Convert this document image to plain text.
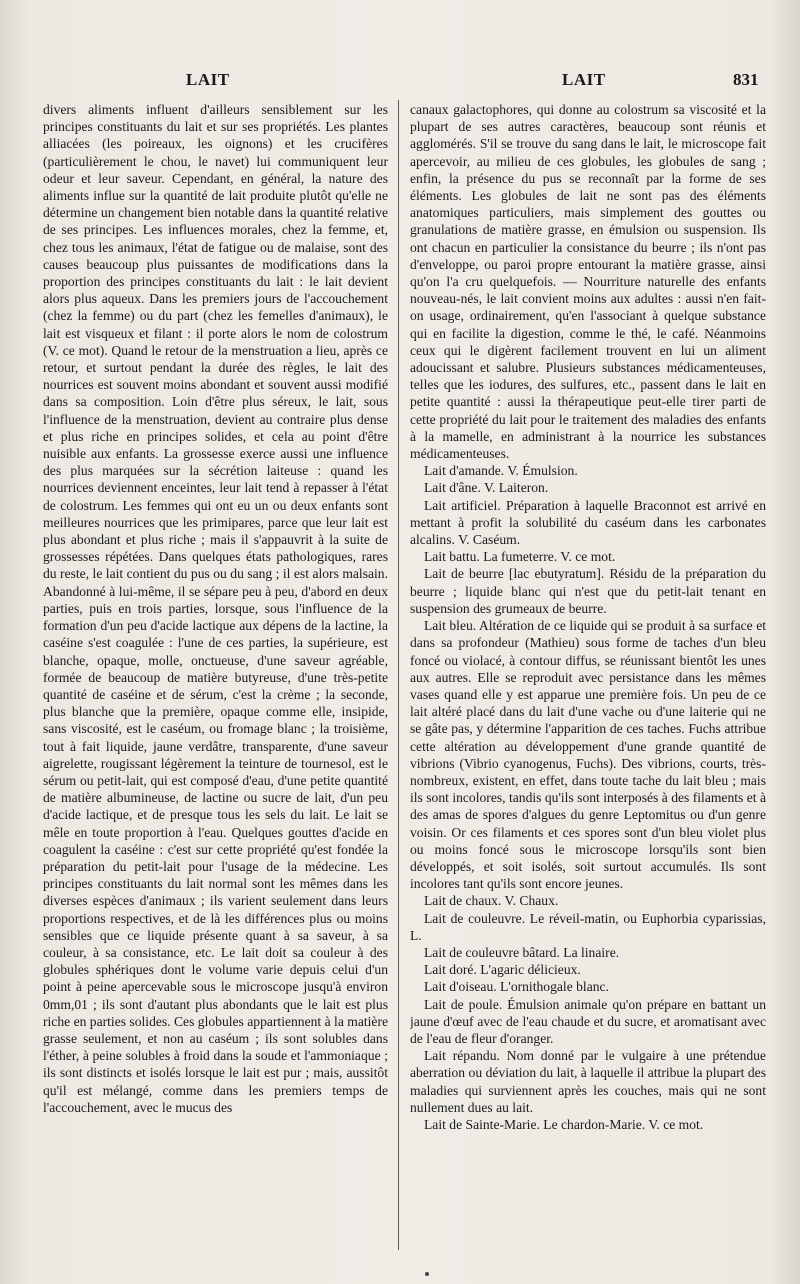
LAIT	LAIT	831

divers aliments influent d'ailleurs sensiblement sur les principes constituants du lait et sur ses propriétés. Les plantes alliacées (les poireaux, les oignons) et les crucifères (particulièrement le chou, le navet) lui communiquent leur odeur et leur saveur. Cependant, en général, la nature des aliments influe sur la quantité de lait produite plutôt qu'elle ne détermine un changement bien notable dans la quantité relative de ses principes. Les influences morales, chez la femme, et, chez tous les animaux, l'état de fatigue ou de malaise, sont des causes beaucoup plus puissantes de modifications dans la proportion des principes constituants du lait : le lait devient alors plus aqueux. Dans les premiers jours de l'accouchement (chez la femme) ou du part (chez les femelles d'animaux), le lait est visqueux et filant : il porte alors le nom de colostrum (V. ce mot). Quand le retour de la menstruation a lieu, après ce retour, et surtout pendant la durée des règles, le lait des nourrices est souvent moins abondant et souvent aussi modifié dans sa composition. Loin d'être plus séreux, le lait, sous l'influence de la menstruation, devient au contraire plus dense et plus riche en principes solides, et cela au point d'être nuisible aux enfants. La grossesse exerce aussi une influence des plus marquées sur la sécrétion laiteuse : quand les nourrices deviennent enceintes, leur lait tend à repasser à l'état de colostrum. Les femmes qui ont eu un ou deux enfants sont meilleures nourrices que les primipares, parce que leur lait est plus abondant et plus riche ; mais il s'appauvrit à la suite de grossesses répétées. Dans quelques états pathologiques, rares du reste, le lait contient du pus ou du sang ; il est alors malsain. Abandonné à lui-même, il se sépare peu à peu, d'abord en deux parties, puis en trois parties, lorsque, sous l'influence de la formation d'un peu d'acide lactique aux dépens de la lactine, la caséine s'est coagulée : l'une de ces parties, la supérieure, est blanche, opaque, molle, onctueuse, d'une saveur agréable, formée de beaucoup de matière butyreuse, d'une très-petite quantité de caséine et de sérum, c'est la crème ; la seconde, plus blanche que la première, opaque comme elle, insipide, sans viscosité, est le caséum, ou fromage blanc ; la troisième, tout à fait liquide, jaune verdâtre, transparente, d'une saveur aigrelette, rougissant légèrement la teinture de tournesol, est le sérum ou petit-lait, qui est composé d'eau, d'une petite quantité de matière albumineuse, de lactine ou sucre de lait, d'un peu d'acide lactique, et de presque tous les sels du lait. Le lait se mêle en toute proportion à l'eau. Quelques gouttes d'acide en coagulent la caséine : c'est sur cette propriété qu'est fondée la préparation du petit-lait pour l'usage de la médecine. Les principes constituants du lait normal sont les mêmes dans les diverses espèces d'animaux ; ils varient seulement dans leurs proportions respectives, et de là les différences plus ou moins sensibles que ce liquide présente quant à sa saveur, à sa couleur, à sa consistance, etc. Le lait doit sa couleur à des globules sphériques dont le volume varie depuis celui d'un point à peine apercevable sous le microscope jusqu'à environ 0mm,01 ; ils sont d'autant plus abondants que le lait est plus riche en parties solides. Ces globules appartiennent à la matière grasse seulement, et non au caséum ; ils sont solubles dans l'éther, à peine solubles à froid dans la soude et l'ammoniaque ; ils sont distincts et isolés lorsque le lait est pur ; mais, aussitôt qu'il est mélangé, comme dans les premiers temps de l'accouchement, avec le mucus des

canaux galactophores, qui donne au colostrum sa viscosité et la plupart de ses autres caractères, beaucoup sont réunis et agglomérés. S'il se trouve du sang dans le lait, le microscope fait apercevoir, au milieu de ces globules, les globules de sang ; enfin, la présence du pus se reconnaît par la forme de ses éléments. Les globules de lait ne sont pas des éléments anatomiques particuliers, mais simplement des gouttes ou granulations de matière grasse, en émulsion ou suspension. Ils ont chacun en particulier la consistance du beurre ; ils n'ont pas d'enveloppe, ou paroi propre entourant la matière grasse, ainsi qu'on l'a cru quelquefois. — Nourriture naturelle des enfants nouveau-nés, le lait convient moins aux adultes : aussi n'en fait-on usage, ordinairement, qu'en l'associant à quelque substance qui en facilite la digestion, comme le thé, le café. Néanmoins ceux qui le digèrent facilement trouvent en lui un aliment adoucissant et salubre. Plusieurs substances médicamenteuses, telles que les iodures, des sulfures, etc., passent dans le lait en petite quantité : aussi la thérapeutique peut-elle tirer parti de cette propriété du lait pour le traitement des maladies des enfants à la mamelle, en administrant à la nourrice les substances médicamenteuses.

Lait d'amande. V. Émulsion.

Lait d'âne. V. Laiteron.

Lait artificiel. Préparation à laquelle Braconnot est arrivé en mettant à profit la solubilité du caséum dans les carbonates alcalins. V. Caséum.

Lait battu. La fumeterre. V. ce mot.

Lait de beurre [lac ebutyratum]. Résidu de la préparation du beurre ; liquide blanc qui n'est que du petit-lait tenant en suspension des grumeaux de beurre.

Lait bleu. Altération de ce liquide qui se produit à sa surface et dans sa profondeur (Mathieu) sous forme de taches d'un bleu foncé ou violacé, à contour diffus, se réunissant bientôt les unes aux autres. Elle se reproduit avec persistance dans les mêmes vases quand elle y est apparue une première fois. Un peu de ce lait altéré placé dans du lait d'une vache ou d'une laiterie qui ne se gâte pas, y détermine l'apparition de ces taches. Fuchs attribue cette altération au développement d'une grande quantité de vibrions (Vibrio cyanogenus, Fuchs). Des vibrions, courts, très-nombreux, existent, en effet, dans toute tache du lait bleu ; mais ils sont incolores, tandis qu'ils sont interposés à des filaments et à des amas de spores d'algues du genre Leptomitus ou d'un genre voisin. Or ces filaments et ces spores sont d'un bleu violet plus ou moins foncé sous le microscope lorsqu'ils sont bien développés, et soit isolés, soit surtout accumulés. Ils sont incolores tant qu'ils sont encore jeunes.

Lait de chaux. V. Chaux.

Lait de couleuvre. Le réveil-matin, ou Euphorbia cyparissias, L.

Lait de couleuvre bâtard. La linaire.

Lait doré. L'agaric délicieux.

Lait d'oiseau. L'ornithogale blanc.

Lait de poule. Émulsion animale qu'on prépare en battant un jaune d'œuf avec de l'eau chaude et du sucre, et aromatisant avec de l'eau de fleur d'oranger.

Lait répandu. Nom donné par le vulgaire à une prétendue aberration ou déviation du lait, à laquelle il attribue la plupart des maladies qui surviennent après les couches, mais qui ne sont nullement dues au lait.

Lait de Sainte-Marie. Le chardon-Marie. V. ce mot.
